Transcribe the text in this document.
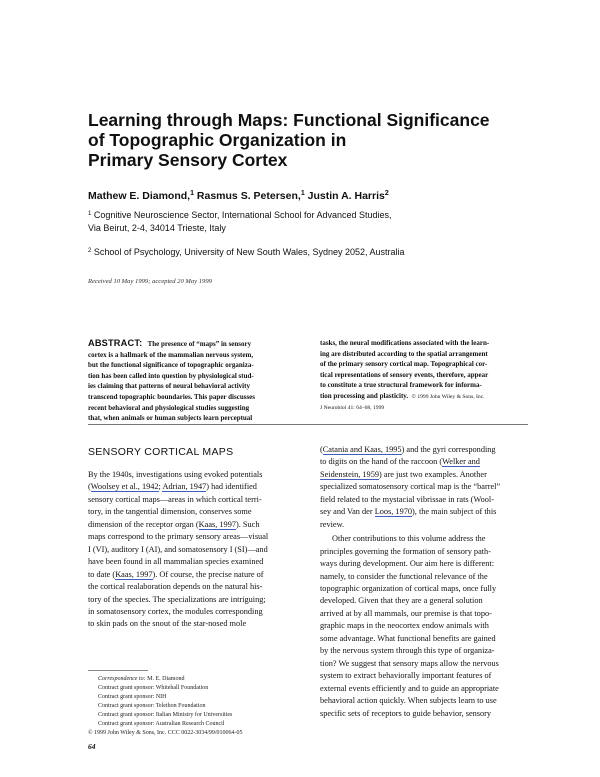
Learning through Maps: Functional Significance
of Topographic Organization in
Primary Sensory Cortex
Mathew E. Diamond,$^1$ Rasmus S. Petersen,$^1$ Justin A. Harris$^2$
$^1$ Cognitive Neuroscience Sector, International School for Advanced Studies,
Via Beirut, 2-4, 34014 Trieste, Italy
$^2$ School of Psychology, University of New South Wales, Sydney 2052, Australia
Received 10 May 1999; accepted 20 May 1999
ABSTRACT: The presence of “maps” in sensory
cortex is a hallmark of the mammalian nervous system,
but the functional significance of topographic organiza-
tion has been called into question by physiological stud-
ies claiming that patterns of neural behavioral activity
transcend topographic boundaries. This paper discusses
recent behavioral and physiological studies suggesting
that, when animals or human subjects learn perceptual
tasks, the neural modifications associated with the learn-
ing are distributed according to the spatial arrangement
of the primary sensory cortical map. Topographical cor-
tical representations of sensory events, therefore, appear
to constitute a true structural framework for informa-
tion processing and plasticity. © 1999 John Wiley & Sons, Inc.
J Neurobiol 41: 64–68, 1999
SENSORY CORTICAL MAPS
By the 1940s, investigations using evoked potentials
(Woolsey et al., 1942; Adrian, 1947) had identified
sensory cortical maps—areas in which cortical terri-
tory, in the tangential dimension, conserves some
dimension of the receptor organ (Kaas, 1997). Such
maps correspond to the primary sensory areas—visual
I (VI), auditory I (AI), and somatosensory I (SI)—and
have been found in all mammalian species examined
to date (Kaas, 1997). Of course, the precise nature of
the cortical realaboration depends on the natural his-
tory of the species. The specializations are intriguing;
in somatosensory cortex, the modules corresponding
to skin pads on the snout of the star-nosed mole
(Catania and Kaas, 1995) and the gyri corresponding
to digits on the hand of the raccoon (Welker and
Seidenstein, 1959) are just two examples. Another
specialized somatosensory cortical map is the “barrel”
field related to the mystacial vibrissae in rats (Wool-
sey and Van der Loos, 1970), the main subject of this
review.
Other contributions to this volume address the
principles governing the formation of sensory path-
ways during development. Our aim here is different:
namely, to consider the functional relevance of the
topographic organization of cortical maps, once fully
developed. Given that they are a general solution
arrived at by all mammals, our premise is that topo-
graphic maps in the neocortex endow animals with
some advantage. What functional benefits are gained
by the nervous system through this type of organiza-
tion? We suggest that sensory maps allow the nervous
system to extract behaviorally important features of
external events efficiently and to guide an appropriate
behavioral action quickly. When subjects learn to use
specific sets of receptors to guide behavior, sensory
Correspondence to: M. E. Diamond
Contract grant sponsor: Whitehall Foundation
Contract grant sponsor: NIH
Contract grant sponsor: Telethon Foundation
Contract grant sponsor: Italian Ministry for Universities
Contract grant sponsor: Australian Research Council
© 1999 John Wiley & Sons, Inc. CCC 0022-3034/99/010064-05
64
